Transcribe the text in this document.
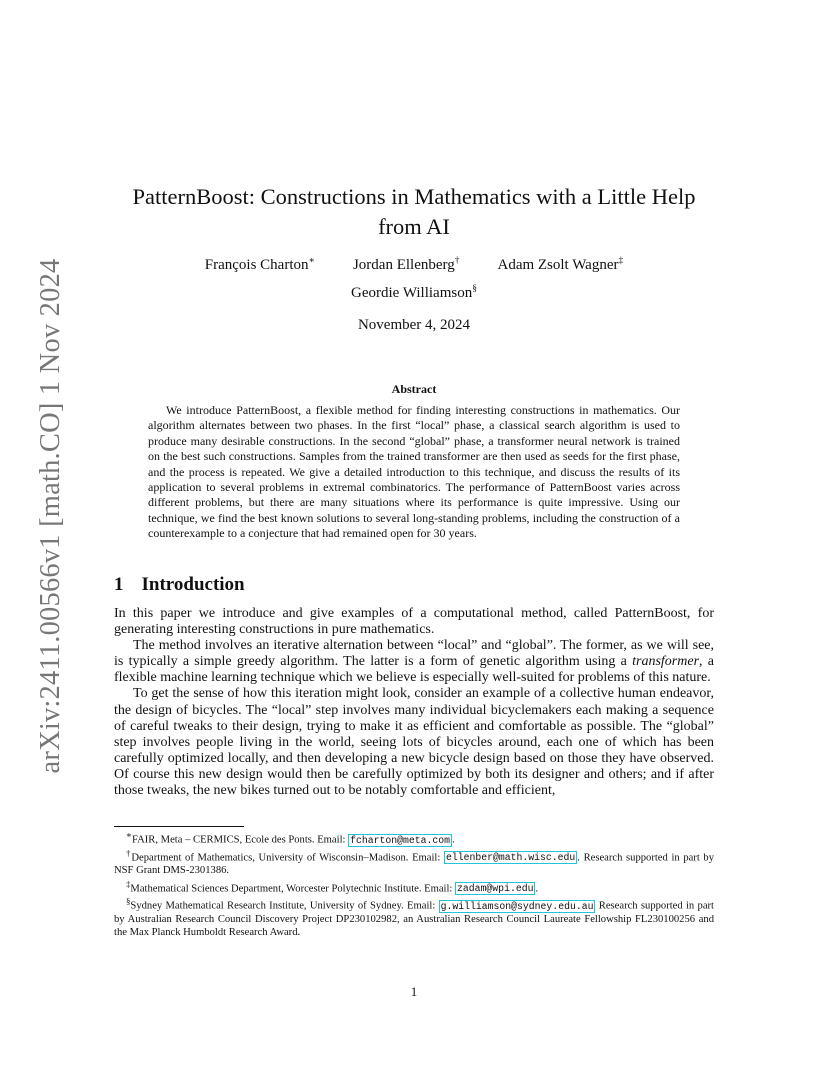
arXiv:2411.00566v1 [math.CO] 1 Nov 2024
PatternBoost: Constructions in Mathematics with a Little Help
from AI
François Charton∗	Jordan Ellenberg†	Adam Zsolt Wagner‡
Geordie Williamson§
November 4, 2024
Abstract

We introduce PatternBoost, a flexible method for finding interesting constructions in mathematics. Our algorithm alternates between two phases. In the first “local” phase, a classical search algorithm is used to produce many desirable constructions. In the second “global” phase, a transformer neural network is trained on the best such constructions. Samples from the trained transformer are then used as seeds for the first phase, and the process is repeated. We give a detailed introduction to this technique, and discuss the results of its application to several problems in extremal combinatorics. The performance of PatternBoost varies across different problems, but there are many situations where its performance is quite impressive. Using our technique, we find the best known solutions to several long-standing problems, including the construction of a counterexample to a conjecture that had remained open for 30 years.

1 Introduction

In this paper we introduce and give examples of a computational method, called PatternBoost, for generating interesting constructions in pure mathematics.

The method involves an iterative alternation between “local” and “global”. The former, as we will see, is typically a simple greedy algorithm. The latter is a form of genetic algorithm using a transformer, a flexible machine learning technique which we believe is especially well-suited for problems of this nature.

To get the sense of how this iteration might look, consider an example of a collective human endeavor, the design of bicycles. The “local” step involves many individual bicyclemakers each making a sequence of careful tweaks to their design, trying to make it as efficient and comfortable as possible. The “global” step involves people living in the world, seeing lots of bicycles around, each one of which has been carefully optimized locally, and then developing a new bicycle design based on those they have observed. Of course this new design would then be carefully optimized by both its designer and others; and if after those tweaks, the new bikes turned out to be notably comfortable and efficient,

∗FAIR, Meta – CERMICS, Ecole des Ponts. Email: fcharton@meta.com .

†Department of Mathematics, University of Wisconsin–Madison. Email: ellenber@math.wisc.edu . Research supported in part by NSF Grant DMS-2301386.

‡Mathematical Sciences Department, Worcester Polytechnic Institute. Email: zadam@wpi.edu .

§Sydney Mathematical Research Institute, University of Sydney. Email: g.williamson@sydney.edu.au Research supported in part by Australian Research Council Discovery Project DP230102982, an Australian Research Council Laureate Fellowship FL230100256 and the Max Planck Humboldt Research Award.

1
